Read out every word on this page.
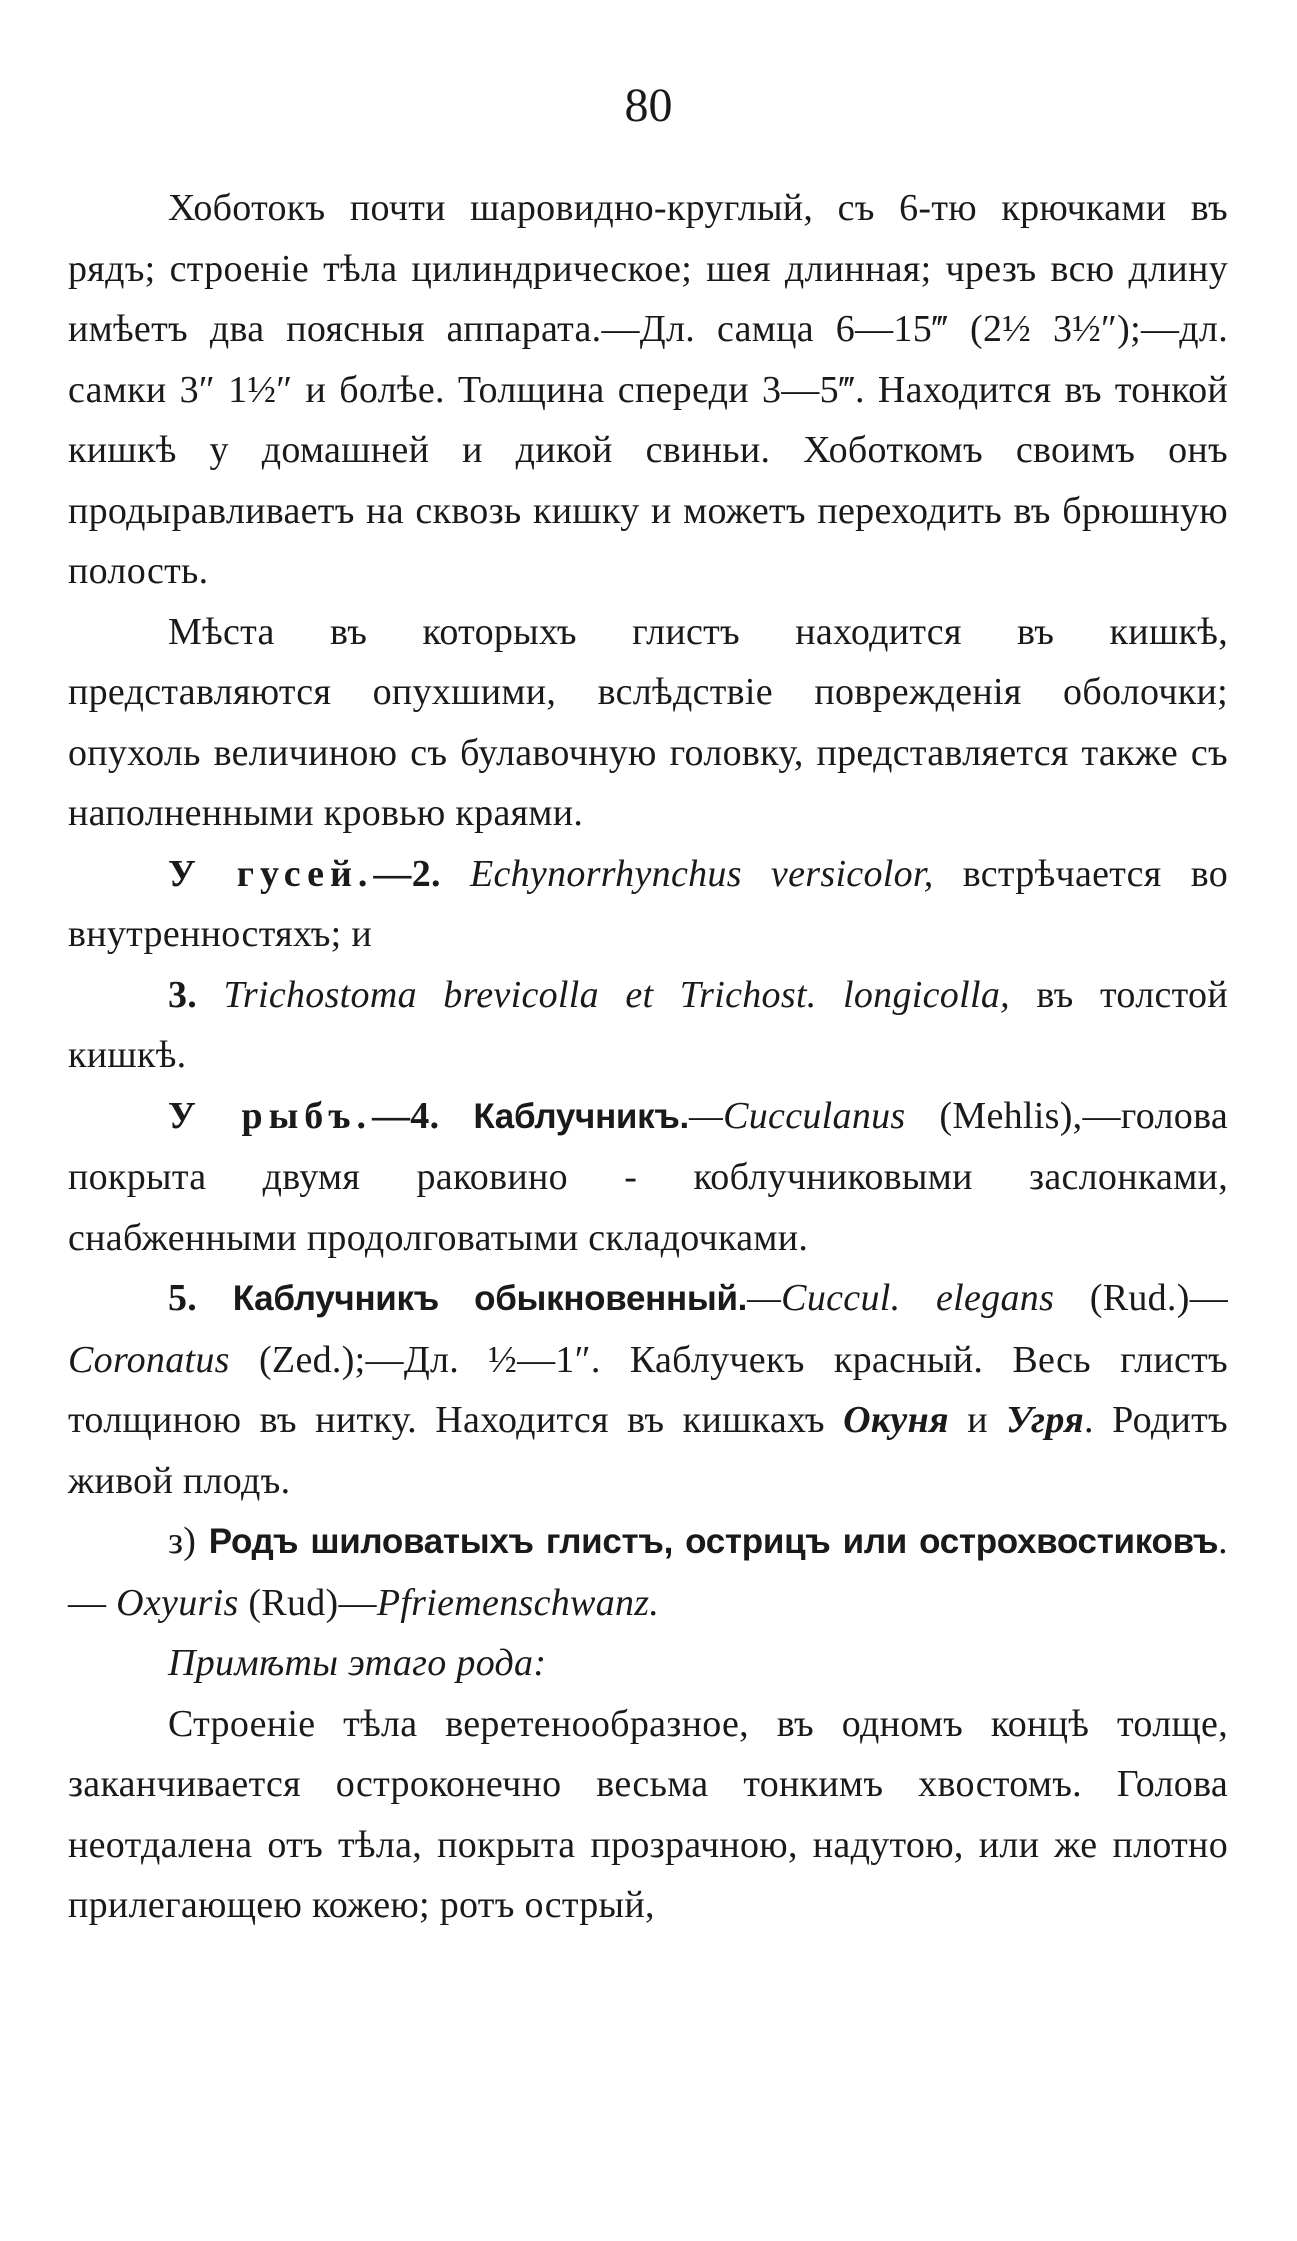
80

Хоботокъ почти шаровидно-круглый, съ 6-тю крючками въ рядъ; строеніе тѣла цилиндрическое; шея длинная; чрезъ всю длину имѣетъ два поясныя аппарата.—Дл. самца 6—15‴ (2½ 3½″);—дл. самки 3″ 1½″ и болѣе. Толщина спереди 3—5‴. Находится въ тонкой кишкѣ у домашней и дикой свиньи. Хоботкомъ своимъ онъ продыравливаетъ на сквозь кишку и можетъ переходить въ брюшную полость.

Мѣста въ которыхъ глистъ находится въ кишкѣ, представляются опухшими, вслѣдствіе поврежденія оболочки; опухоль величиною съ булавочную головку, представляется также съ наполненными кровью краями.

У гусей.—2. Echynorrhynchus versicolor, встрѣчается во внутренностяхъ; и

3. Trichostoma brevicolla et Trichost. longicolla, въ толстой кишкѣ.

У рыбъ.—4. Каблучникъ.—Cucculanus (Mehlis),—голова покрыта двумя раковино - коблучниковыми заслонками, снабженными продолговатыми складочками.

5. Каблучникъ обыкновенный.—Cuccul. elegans (Rud.)—Coronatus (Zed.);—Дл. ½—1″. Каблучекъ красный. Весь глистъ толщиною въ нитку. Находится въ кишкахъ Окуня и Угря. Родитъ живой плодъ.

з) Родъ шиловатыхъ глистъ, острицъ или острохвостиковъ.— Oxyuris (Rud)—Pfriemenschwanz.

Примѣты этаго рода:

Строеніе тѣла веретенообразное, въ одномъ концѣ толще, заканчивается остроконечно весьма тонкимъ хвостомъ. Голова неотдалена отъ тѣла, покрыта прозрачною, надутою, или же плотно прилегающею кожею; ротъ острый,
